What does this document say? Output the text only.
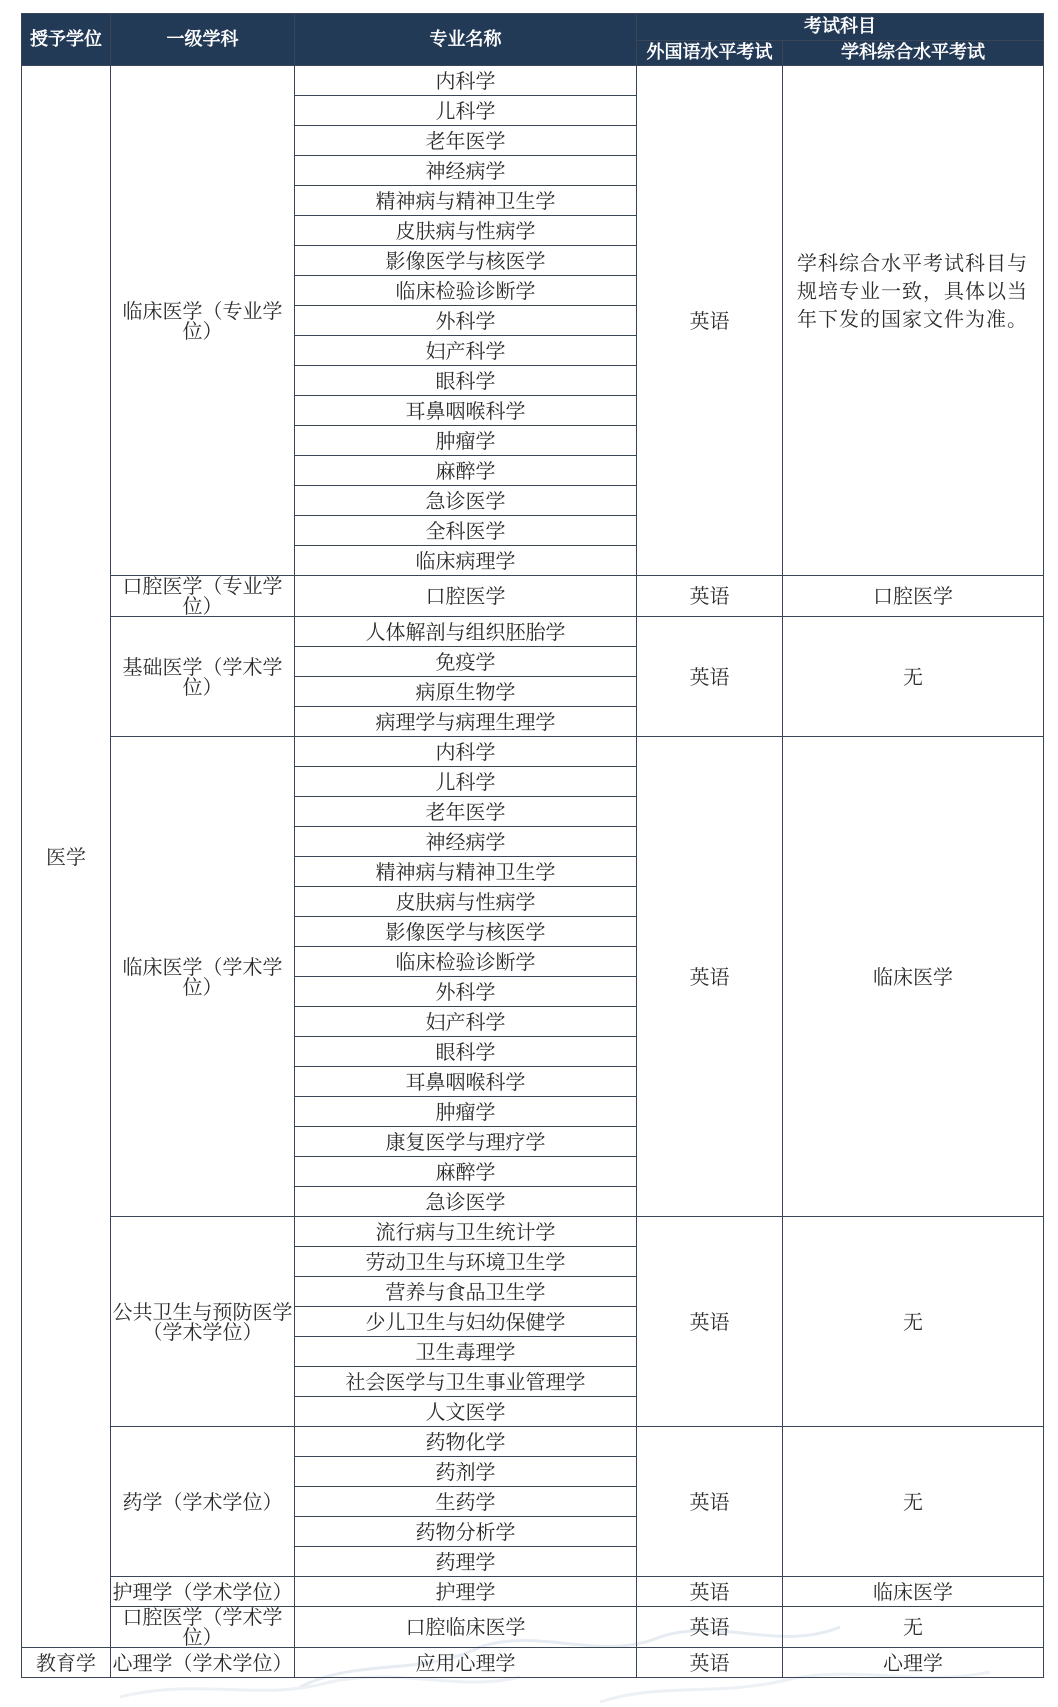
授予学位	一级学科	专业名称	考试科目	
			外国语水平考试	学科综合水平考试
医学	临床医学（专业学位）	内科学	英语	学科综合水平考试科目与规培专业一致，具体以当年下发的国家文件为准。

		儿科学		
		老年医学		
		神经病学		
		精神病与精神卫生学		
		皮肤病与性病学		
		影像医学与核医学		
		临床检验诊断学		
		外科学		
		妇产科学		
		眼科学		
		耳鼻咽喉科学		
		肿瘤学		
		麻醉学		
		急诊医学		
		全科医学		
		临床病理学		
	口腔医学（专业学位）	口腔医学	英语	口腔医学
	基础医学（学术学位）	人体解剖与组织胚胎学	英语	无
		免疫学		
		病原生物学		
		病理学与病理生理学		
	临床医学（学术学位）	内科学	英语	临床医学
		儿科学		
		老年医学		
		神经病学		
		精神病与精神卫生学		
		皮肤病与性病学		
		影像医学与核医学		
		临床检验诊断学		
		外科学		
		妇产科学		
		眼科学		
		耳鼻咽喉科学		
		肿瘤学		
		康复医学与理疗学		
		麻醉学		
		急诊医学		
	公共卫生与预防医学（学术学位）	流行病与卫生统计学	英语	无
		劳动卫生与环境卫生学		
		营养与食品卫生学		
		少儿卫生与妇幼保健学		
		卫生毒理学		
		社会医学与卫生事业管理学		
		人文医学		
	药学（学术学位）	药物化学	英语	无
		药剂学		
		生药学		
		药物分析学		
		药理学		
	护理学（学术学位）	护理学	英语	临床医学
	口腔医学（学术学位）	口腔临床医学	英语	无
教育学	心理学（学术学位）	应用心理学	英语	心理学
